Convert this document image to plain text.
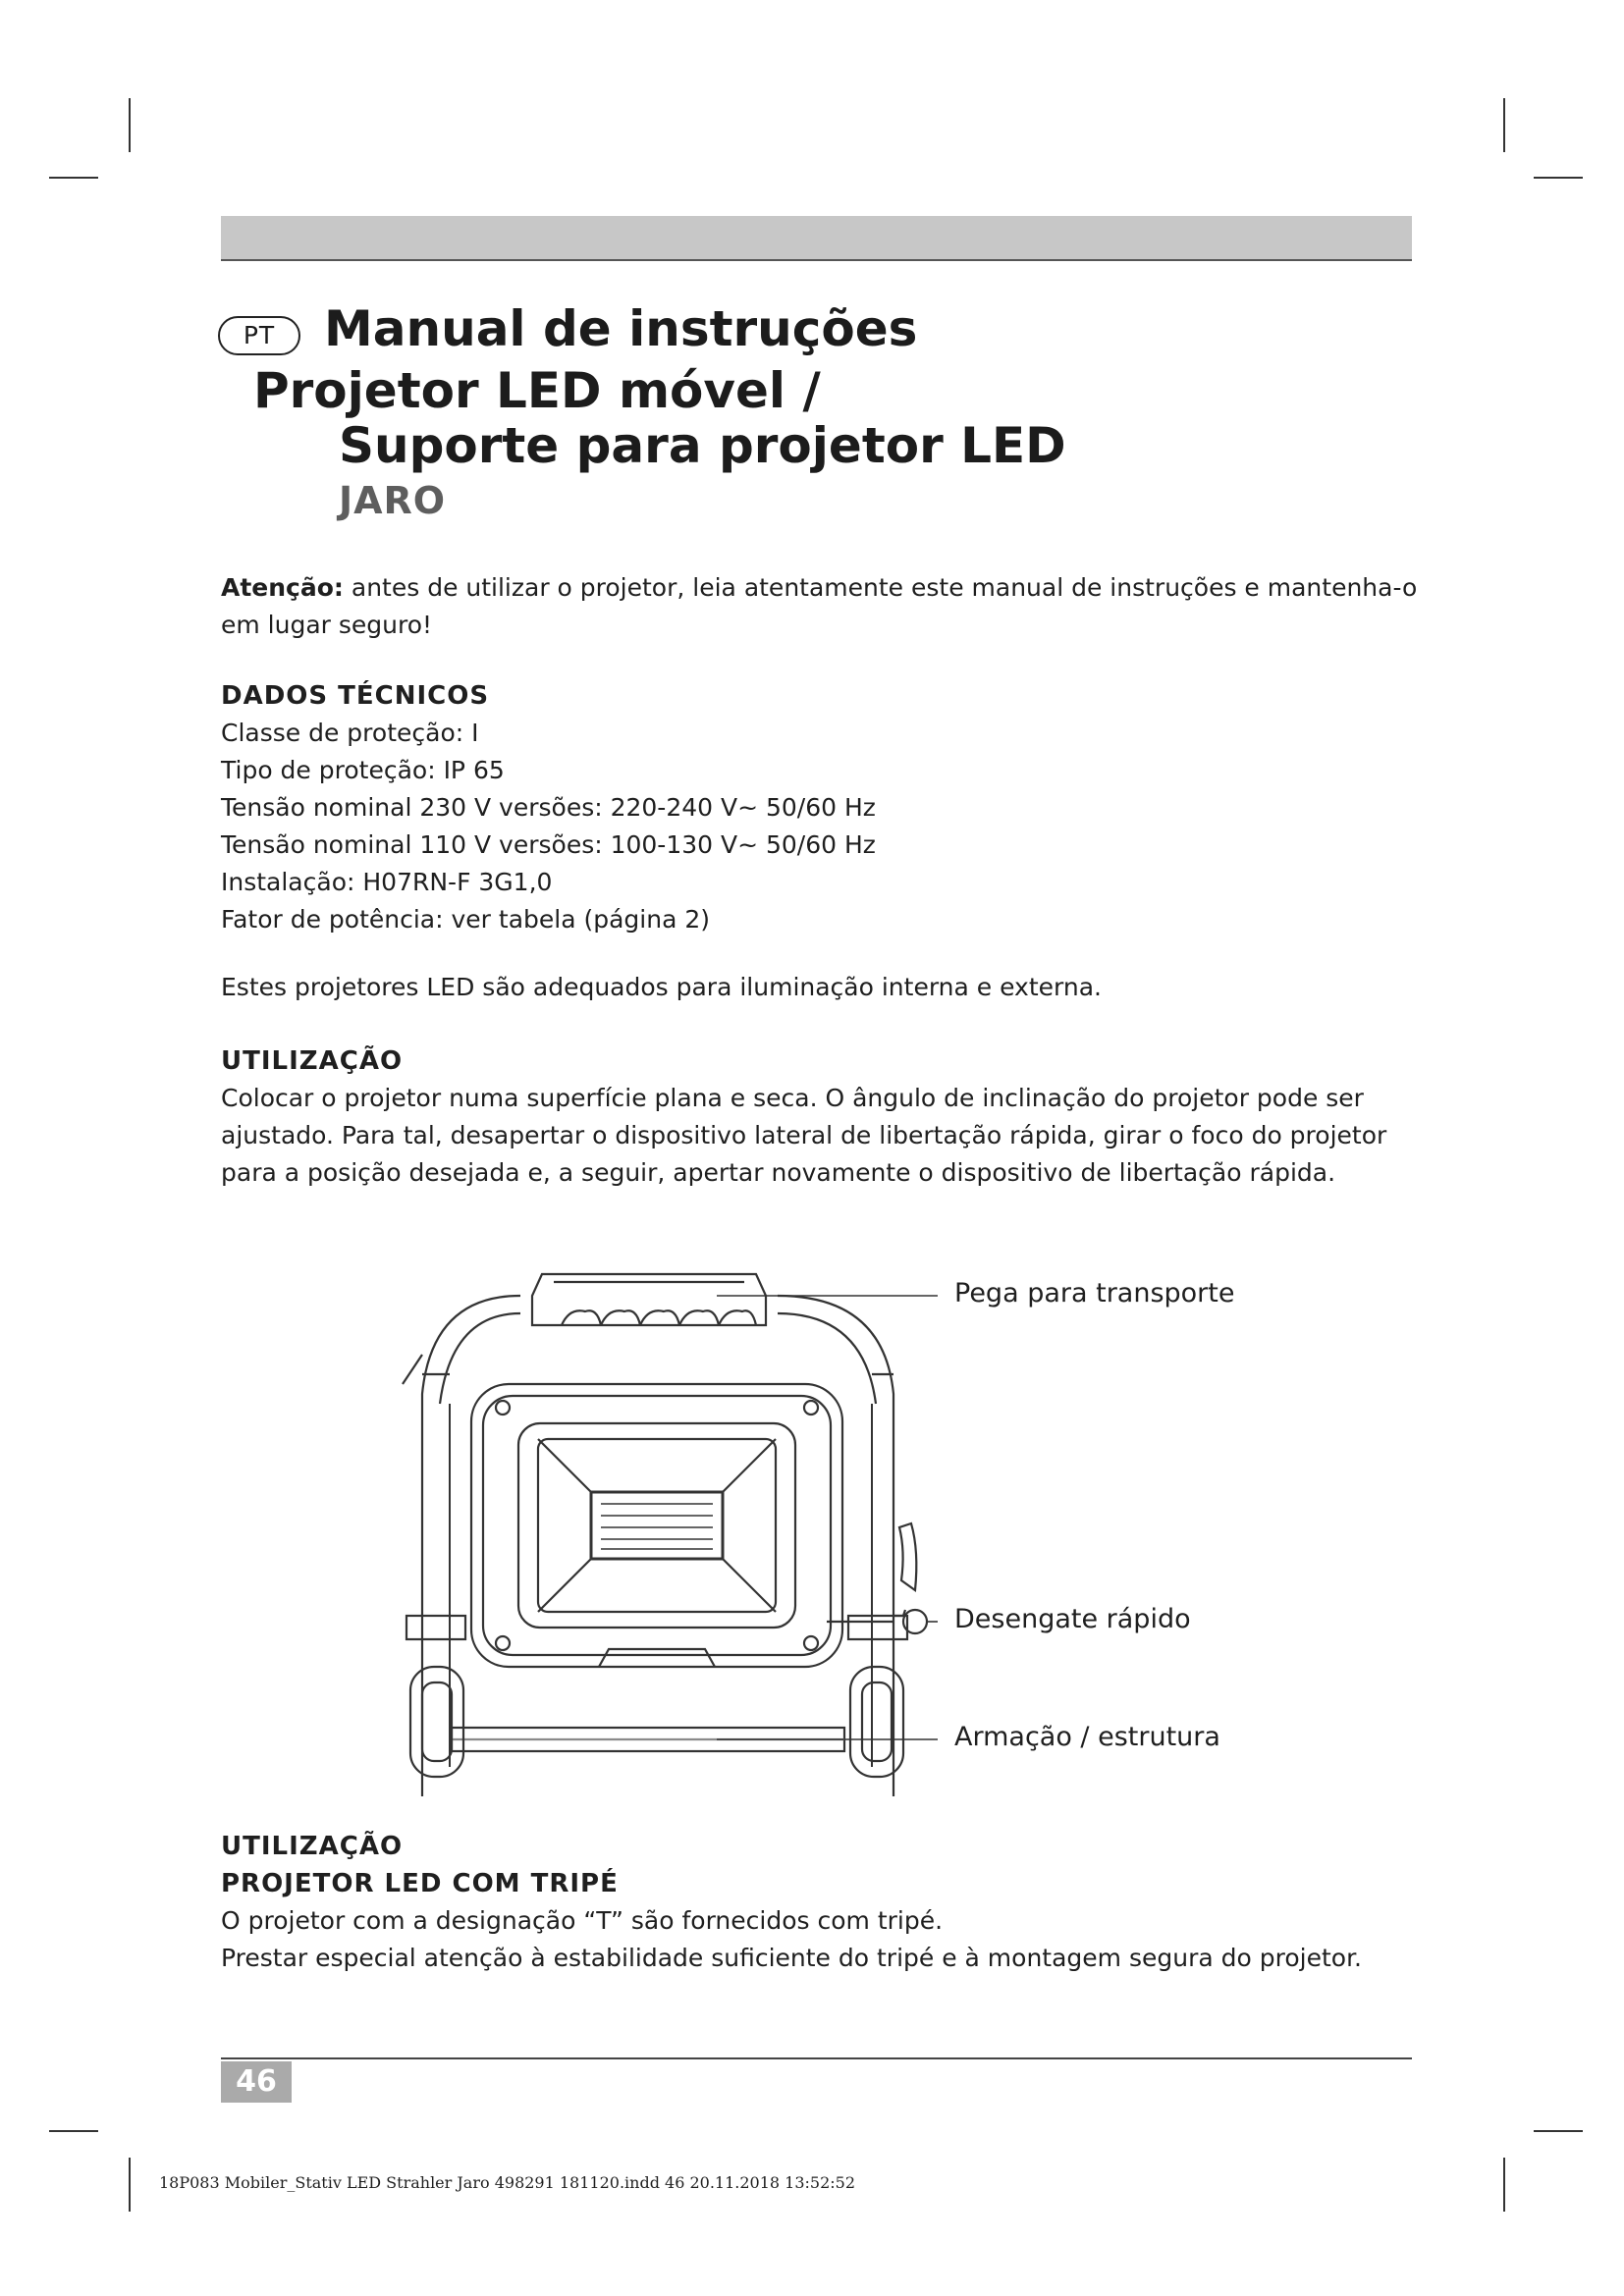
PT Manual de instruções
Projetor LED móvel /
Suporte para projetor LED
JARO
Atenção: antes de utilizar o projetor, leia atentamente este manual de instruções e mantenha-o
em lugar seguro!
DADOS TÉCNICOS
Classe de proteção: I
Tipo de proteção: IP 65
Tensão nominal 230 V versões: 220-240 V~ 50/60 Hz
Tensão nominal 110 V versões: 100-130 V~ 50/60 Hz
Instalação: H07RN-F 3G1,0
Fator de potência: ver tabela (página 2)
Estes projetores LED são adequados para iluminação interna e externa.
UTILIZAÇÃO
Colocar o projetor numa superfície plana e seca. O ângulo de inclinação do projetor pode ser
ajustado. Para tal, desapertar o dispositivo lateral de libertação rápida, girar o foco do projetor
para a posição desejada e, a seguir, apertar novamente o dispositivo de libertação rápida.
Pega para transporte
Desengate rápido
Armação / estrutura
UTILIZAÇÃO
PROJETOR LED COM TRIPÉ
O projetor com a designação “T” são fornecidos com tripé.
Prestar especial atenção à estabilidade suficiente do tripé e à montagem segura do projetor.
46
18P083 Mobiler_Stativ LED Strahler Jaro 498291 181120.indd 46 20.11.2018 13:52:52
